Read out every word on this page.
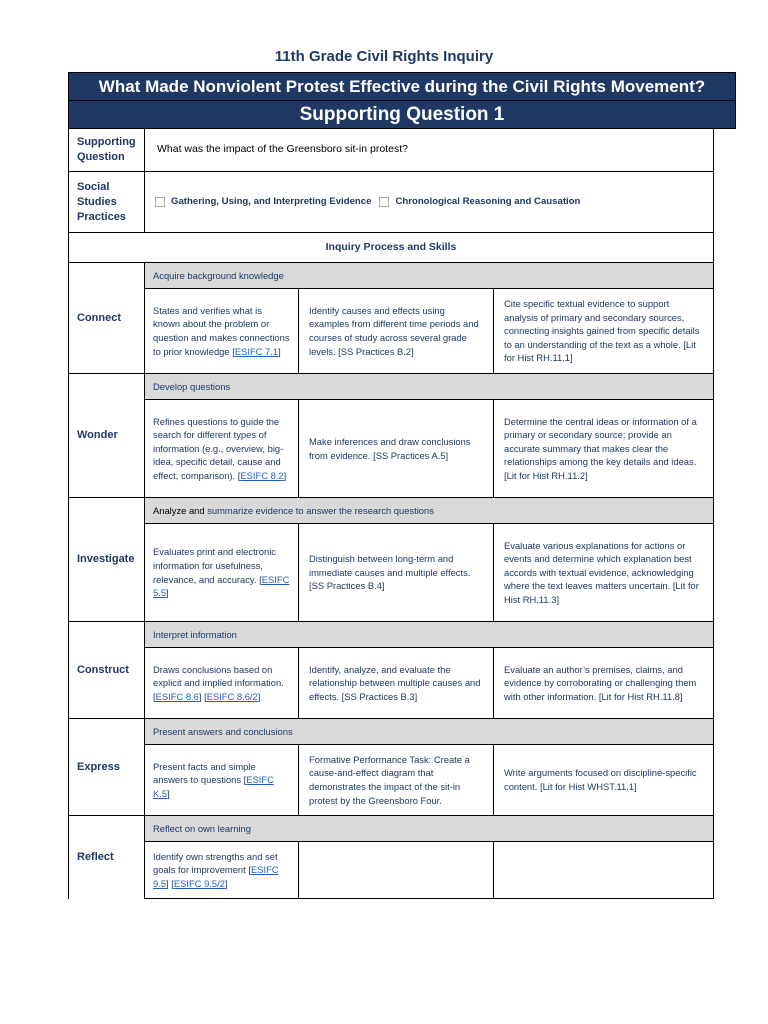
11th Grade Civil Rights Inquiry
What Made Nonviolent Protest Effective during the Civil Rights Movement?
Supporting Question 1
Supporting
Question
What was the impact of the Greensboro sit-in protest?
Social
Studies
Practices
Gathering, Using, and Interpreting Evidence	Chronological Reasoning and Causation
Inquiry Process and Skills
Connect
Acquire background knowledge
States and verifies what is known about the problem or question and makes connections to prior knowledge [ESIFC 7.1]
Identify causes and effects using examples from different time periods and courses of study across several grade levels. [SS Practices B.2]
Cite specific textual evidence to support analysis of primary and secondary sources, connecting insights gained from specific details to an understanding of the text as a whole. [Lit for Hist RH.11.1]
Wonder
Develop questions
Refines questions to guide the search for different types of information (e.g., overview, big-idea, specific detail, cause and effect, comparison). [ESIFC 8.2]
Make inferences and draw conclusions from evidence. [SS Practices A.5]
Determine the central ideas or information of a primary or secondary source; provide an accurate summary that makes clear the relationships among the key details and ideas. [Lit for Hist RH.11.2]
Investigate
Analyze and
summarize evidence to answer the research questions
Evaluates print and electronic information for usefulness, relevance, and accuracy. [ESIFC 5.5]
Distinguish between long-term and immediate causes and multiple effects. [SS Practices B.4]
Evaluate various explanations for actions or events and determine which explanation best accords with textual evidence, acknowledging where the text leaves matters uncertain. [Lit for Hist RH.11.3]
Construct
Interpret information
Draws conclusions based on explicit and implied information. [ESIFC 8.6] [ESIFC 8.6/2]
Identify, analyze, and evaluate the relationship between multiple causes and effects. [SS Practices B.3]
Evaluate an author’s premises, claims, and evidence by corroborating or challenging them with other information. [Lit for Hist RH.11.8]
Express
Present answers and conclusions
Present facts and simple answers to questions [ESIFC K.5]
Formative Performance Task: Create a cause-and-effect diagram that demonstrates the impact of the sit-in protest by the Greensboro Four.
Write arguments focused on discipline-specific content. [Lit for Hist WHST.11.1]
Reflect
Reflect on own learning
Identify own strengths and set goals for improvement [ESIFC 9.5] [ESIFC 9.5/2]
